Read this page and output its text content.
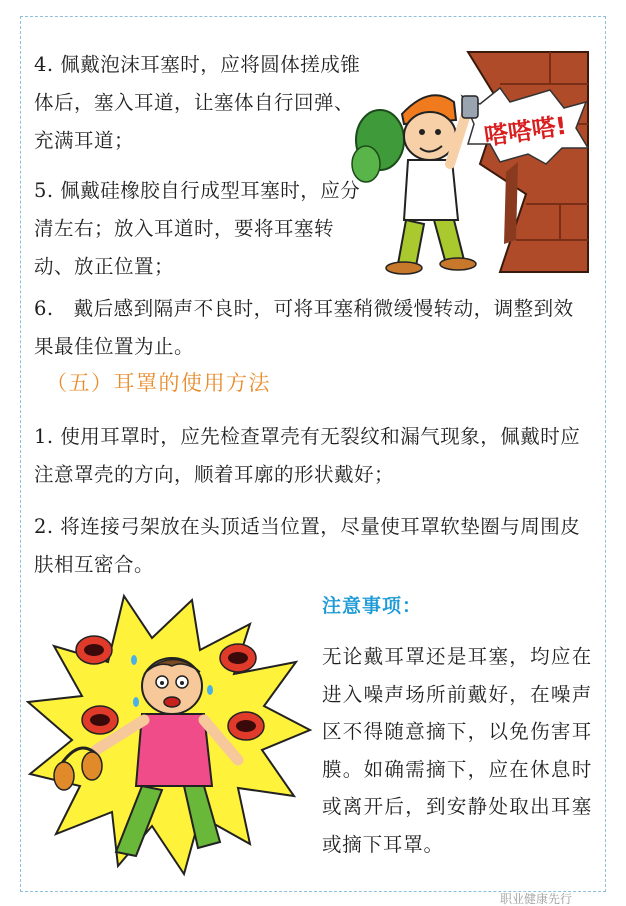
4. 佩戴泡沫耳塞时，应将圆体搓成锥体后，塞入耳道，让塞体自行回弹、充满耳道；

5. 佩戴硅橡胶自行成型耳塞时，应分清左右；放入耳道时，要将耳塞转动、放正位置；

6.　戴后感到隔声不良时，可将耳塞稍微缓慢转动，调整到效果最佳位置为止。

（五）耳罩的使用方法

1. 使用耳罩时，应先检查罩壳有无裂纹和漏气现象，佩戴时应注意罩壳的方向，顺着耳廓的形状戴好；

2. 将连接弓架放在头顶适当位置，尽量使耳罩软垫圈与周围皮肤相互密合。

注意事项：

无论戴耳罩还是耳塞，均应在进入噪声场所前戴好，在噪声区不得随意摘下，以免伤害耳膜。如确需摘下，应在休息时或离开后，到安静处取出耳塞或摘下耳罩。

嗒嗒嗒!
职业健康先行
